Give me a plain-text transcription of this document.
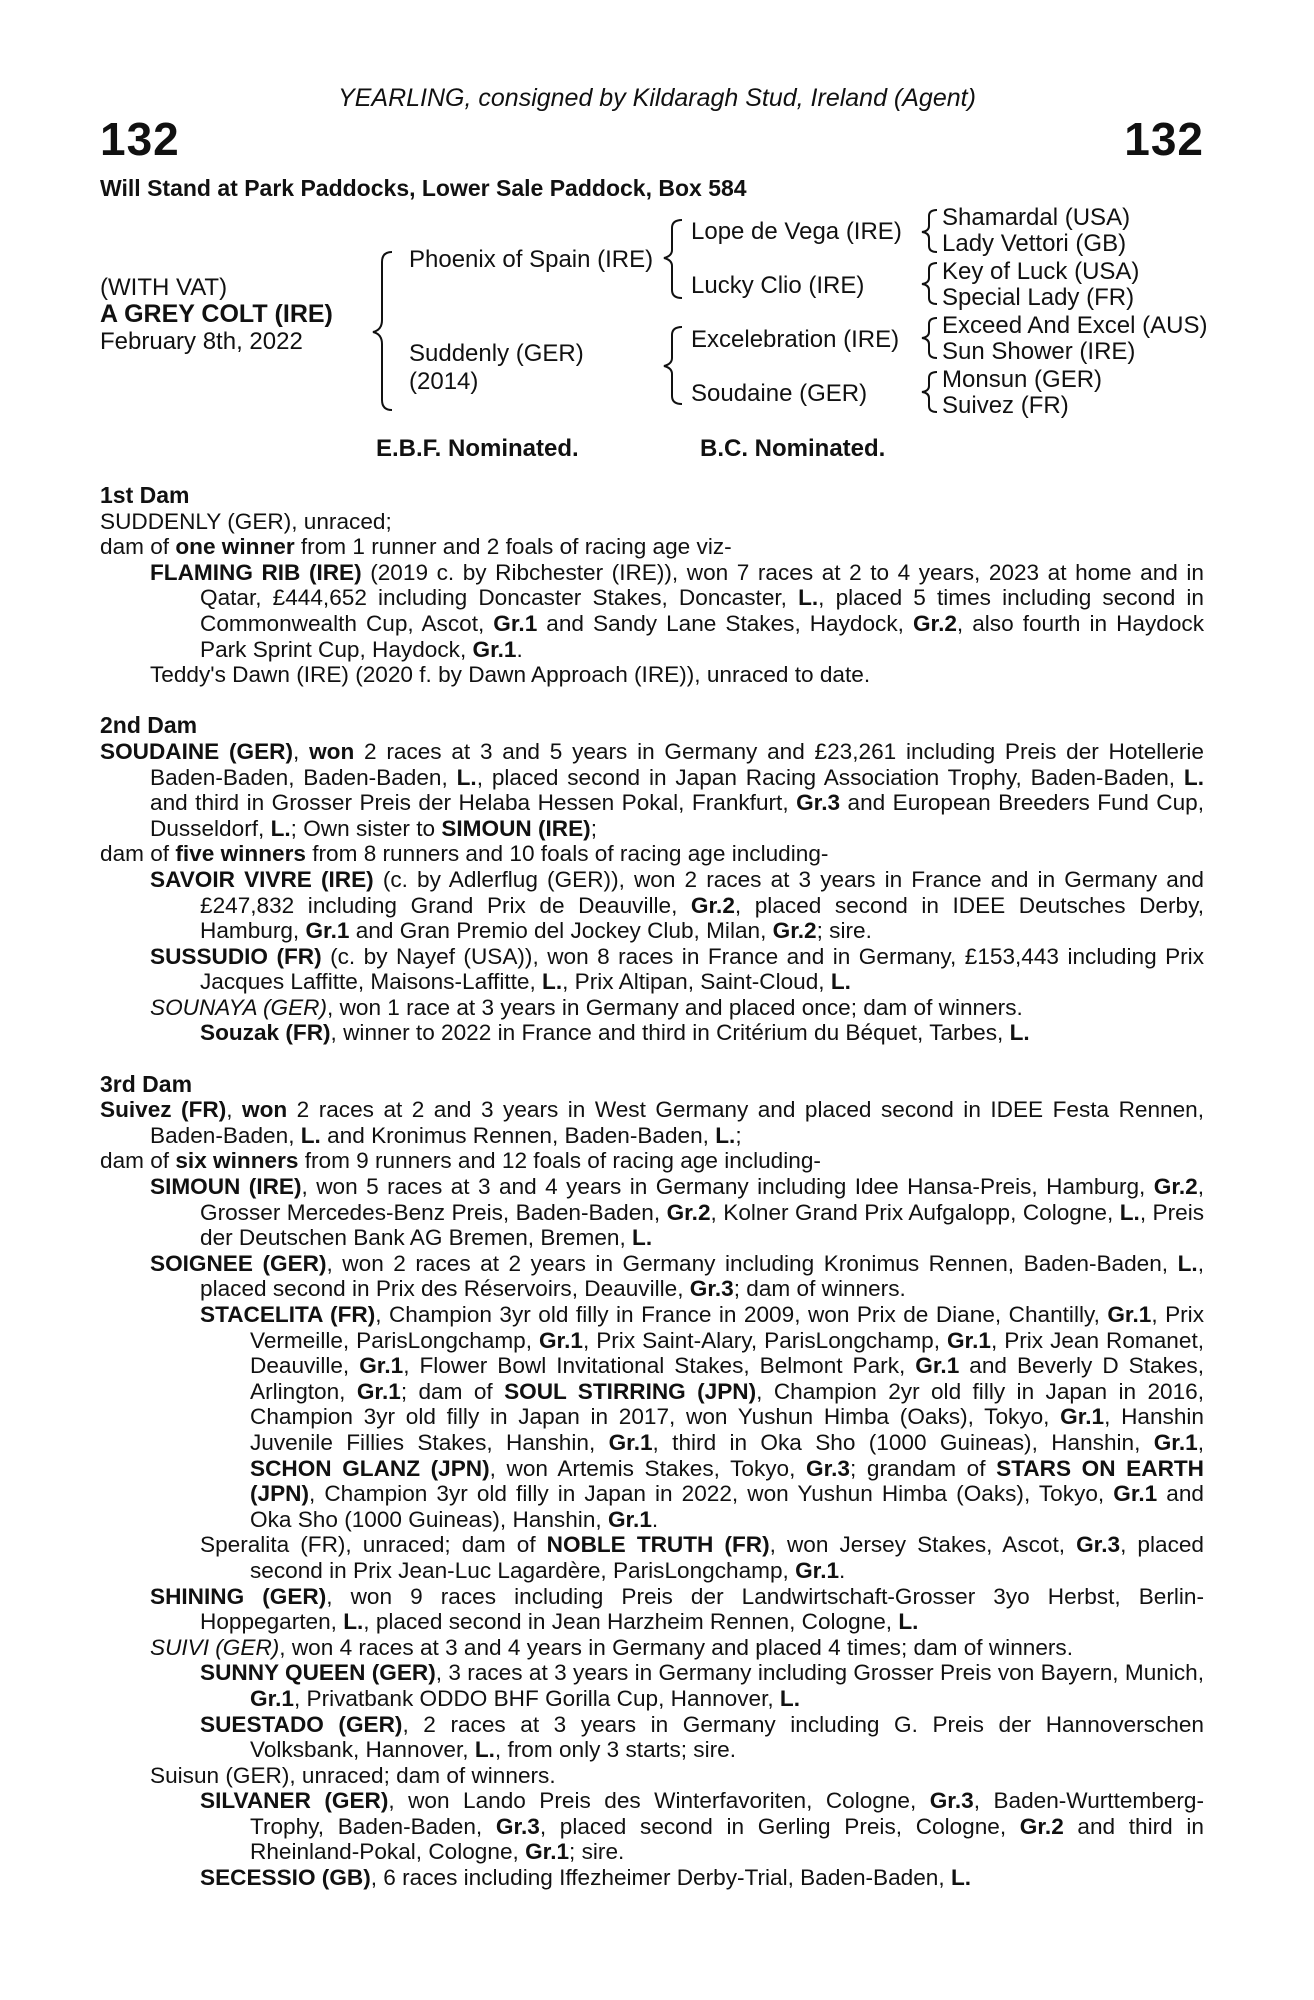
YEARLING, consigned by Kildaragh Stud, Ireland (Agent)
132	132
Will Stand at Park Paddocks, Lower Sale Paddock, Box 584
(WITH VAT)
A GREY COLT (IRE)
February 8th, 2022
Phoenix of Spain (IRE)
Suddenly (GER)
(2014)
Lope de Vega (IRE)
Lucky Clio (IRE)
Excelebration (IRE)
Soudaine (GER)
Shamardal (USA)
Lady Vettori (GB)
Key of Luck (USA)
Special Lady (FR)
Exceed And Excel (AUS)
Sun Shower (IRE)
Monsun (GER)
Suivez (FR)
E.B.F. Nominated.	B.C. Nominated.

1st Dam

SUDDENLY (GER), unraced;

dam of one winner from 1 runner and 2 foals of racing age viz-

FLAMING RIB (IRE) (2019 c. by Ribchester (IRE)), won 7 races at 2 to 4 years, 2023 at home and in Qatar, £444,652 including Doncaster Stakes, Doncaster, L., placed 5 times including second in Commonwealth Cup, Ascot, Gr.1 and Sandy Lane Stakes, Haydock, Gr.2, also fourth in Haydock Park Sprint Cup, Haydock, Gr.1.

Teddy's Dawn (IRE) (2020 f. by Dawn Approach (IRE)), unraced to date.

2nd Dam

SOUDAINE (GER), won 2 races at 3 and 5 years in Germany and £23,261 including Preis der Hotellerie Baden-Baden, Baden-Baden, L., placed second in Japan Racing Association Trophy, Baden-Baden, L. and third in Grosser Preis der Helaba Hessen Pokal, Frankfurt, Gr.3 and European Breeders Fund Cup, Dusseldorf, L.; Own sister to SIMOUN (IRE);

dam of five winners from 8 runners and 10 foals of racing age including-

SAVOIR VIVRE (IRE) (c. by Adlerflug (GER)), won 2 races at 3 years in France and in Germany and £247,832 including Grand Prix de Deauville, Gr.2, placed second in IDEE Deutsches Derby, Hamburg, Gr.1 and Gran Premio del Jockey Club, Milan, Gr.2; sire.

SUSSUDIO (FR) (c. by Nayef (USA)), won 8 races in France and in Germany, £153,443 including Prix Jacques Laffitte, Maisons-Laffitte, L., Prix Altipan, Saint-Cloud, L.

SOUNAYA (GER), won 1 race at 3 years in Germany and placed once; dam of winners.

Souzak (FR), winner to 2022 in France and third in Critérium du Béquet, Tarbes, L.

3rd Dam

Suivez (FR), won 2 races at 2 and 3 years in West Germany and placed second in IDEE Festa Rennen, Baden-Baden, L. and Kronimus Rennen, Baden-Baden, L.;

dam of six winners from 9 runners and 12 foals of racing age including-

SIMOUN (IRE), won 5 races at 3 and 4 years in Germany including Idee Hansa-Preis, Hamburg, Gr.2, Grosser Mercedes-Benz Preis, Baden-Baden, Gr.2, Kolner Grand Prix Aufgalopp, Cologne, L., Preis der Deutschen Bank AG Bremen, Bremen, L.

SOIGNEE (GER), won 2 races at 2 years in Germany including Kronimus Rennen, Baden-Baden, L., placed second in Prix des Réservoirs, Deauville, Gr.3; dam of winners.

STACELITA (FR), Champion 3yr old filly in France in 2009, won Prix de Diane, Chantilly, Gr.1, Prix Vermeille, ParisLongchamp, Gr.1, Prix Saint-Alary, ParisLongchamp, Gr.1, Prix Jean Romanet, Deauville, Gr.1, Flower Bowl Invitational Stakes, Belmont Park, Gr.1 and Beverly D Stakes, Arlington, Gr.1; dam of SOUL STIRRING (JPN), Champion 2yr old filly in Japan in 2016, Champion 3yr old filly in Japan in 2017, won Yushun Himba (Oaks), Tokyo, Gr.1, Hanshin Juvenile Fillies Stakes, Hanshin, Gr.1, third in Oka Sho (1000 Guineas), Hanshin, Gr.1, SCHON GLANZ (JPN), won Artemis Stakes, Tokyo, Gr.3; grandam of STARS ON EARTH (JPN), Champion 3yr old filly in Japan in 2022, won Yushun Himba (Oaks), Tokyo, Gr.1 and Oka Sho (1000 Guineas), Hanshin, Gr.1.

Speralita (FR), unraced; dam of NOBLE TRUTH (FR), won Jersey Stakes, Ascot, Gr.3, placed second in Prix Jean-Luc Lagardère, ParisLongchamp, Gr.1.

SHINING (GER), won 9 races including Preis der Landwirtschaft-Grosser 3yo Herbst, Berlin-Hoppegarten, L., placed second in Jean Harzheim Rennen, Cologne, L.

SUIVI (GER), won 4 races at 3 and 4 years in Germany and placed 4 times; dam of winners.

SUNNY QUEEN (GER), 3 races at 3 years in Germany including Grosser Preis von Bayern, Munich, Gr.1, Privatbank ODDO BHF Gorilla Cup, Hannover, L.

SUESTADO (GER), 2 races at 3 years in Germany including G. Preis der Hannoverschen Volksbank, Hannover, L., from only 3 starts; sire.

Suisun (GER), unraced; dam of winners.

SILVANER (GER), won Lando Preis des Winterfavoriten, Cologne, Gr.3, Baden-Wurttemberg-Trophy, Baden-Baden, Gr.3, placed second in Gerling Preis, Cologne, Gr.2 and third in Rheinland-Pokal, Cologne, Gr.1; sire.

SECESSIO (GB), 6 races including Iffezheimer Derby-Trial, Baden-Baden, L.
